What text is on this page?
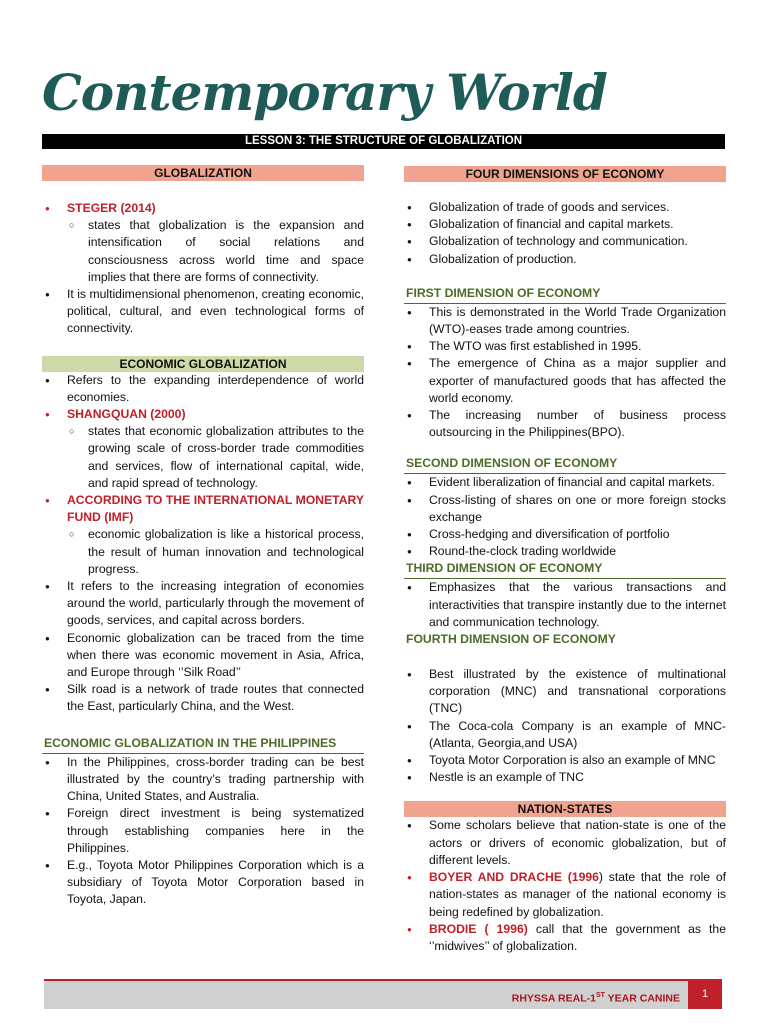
Contemporary World
LESSON 3: THE STRUCTURE OF GLOBALIZATION
GLOBALIZATION
● STEGER (2014)
○ states that globalization is the expansion and intensification of social relations and consciousness across world time and space implies that there are forms of connectivity.
● It is multidimensional phenomenon, creating economic, political, cultural, and even technological forms of connectivity.
ECONOMIC GLOBALIZATION
● Refers to the expanding interdependence of world economies.
● SHANGQUAN (2000)
○ states that economic globalization attributes to the growing scale of cross-border trade commodities and services, flow of international capital, wide, and rapid spread of technology.
● ACCORDING TO THE INTERNATIONAL MONETARY FUND (IMF)
○ economic globalization is like a historical process, the result of human innovation and technological progress.
● It refers to the increasing integration of economies around the world, particularly through the movement of goods, services, and capital across borders.
● Economic globalization can be traced from the time when there was economic movement in Asia, Africa, and Europe through ‘’Silk Road’’
● Silk road is a network of trade routes that connected the East, particularly China, and the West.
ECONOMIC GLOBALIZATION IN THE PHILIPPINES
● In the Philippines, cross-border trading can be best illustrated by the country’s trading partnership with China, United States, and Australia.
● Foreign direct investment is being systematized through establishing companies here in the Philippines.
● E.g., Toyota Motor Philippines Corporation which is a subsidiary of Toyota Motor Corporation based in Toyota, Japan.
FOUR DIMENSIONS OF ECONOMY
● Globalization of trade of goods and services.
● Globalization of financial and capital markets.
● Globalization of technology and communication.
● Globalization of production.
FIRST DIMENSION OF ECONOMY
● This is demonstrated in the World Trade Organization (WTO)-eases trade among countries.
● The WTO was first established in 1995.
● The emergence of China as a major supplier and exporter of manufactured goods that has affected the world economy.
● The increasing number of business process outsourcing in the Philippines(BPO).
SECOND DIMENSION OF ECONOMY
● Evident liberalization of financial and capital markets.
● Cross-listing of shares on one or more foreign stocks exchange
● Cross-hedging and diversification of portfolio
● Round-the-clock trading worldwide
THIRD DIMENSION OF ECONOMY
● Emphasizes that the various transactions and interactivities that transpire instantly due to the internet and communication technology.
FOURTH DIMENSION OF ECONOMY
● Best illustrated by the existence of multinational corporation (MNC) and transnational corporations (TNC)
● The Coca-cola Company is an example of MNC- (Atlanta, Georgia,and USA)
● Toyota Motor Corporation is also an example of MNC
● Nestle is an example of TNC
NATION-STATES
● Some scholars believe that nation-state is one of the actors or drivers of economic globalization, but of different levels.
● BOYER AND DRACHE (1996) state that the role of nation-states as manager of the national economy is being redefined by globalization.
● BRODIE ( 1996) call that the government as the ‘’midwives’’ of globalization.
RHYSSA REAL-1ST YEAR CANINE	1
